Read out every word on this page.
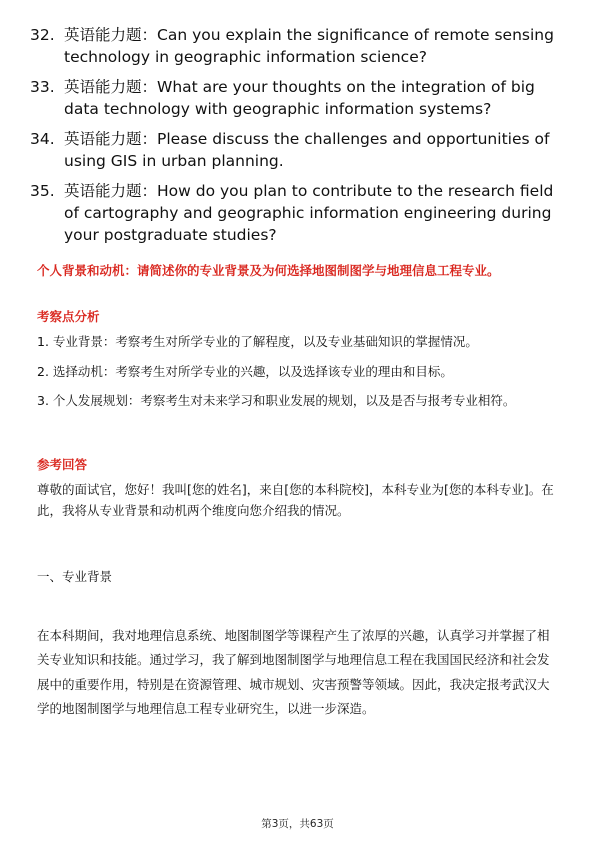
32. 英语能力题：Can you explain the significance of remote sensing technology in geographic information science?
33. 英语能力题：What are your thoughts on the integration of big data technology with geographic information systems?
34. 英语能力题：Please discuss the challenges and opportunities of using GIS in urban planning.
35. 英语能力题：How do you plan to contribute to the research field of cartography and geographic information engineering during your postgraduate studies?
个人背景和动机：请简述你的专业背景及为何选择地图制图学与地理信息工程专业。
考察点分析
1. 专业背景：考察考生对所学专业的了解程度，以及专业基础知识的掌握情况。
2. 选择动机：考察考生对所学专业的兴趣，以及选择该专业的理由和目标。
3. 个人发展规划：考察考生对未来学习和职业发展的规划，以及是否与报考专业相符。
参考回答
尊敬的面试官，您好！我叫[您的姓名]，来自[您的本科院校]，本科专业为[您的本科专业]。在此，我将从专业背景和动机两个维度向您介绍我的情况。
一、专业背景
在本科期间，我对地理信息系统、地图制图学等课程产生了浓厚的兴趣，认真学习并掌握了相关专业知识和技能。通过学习，我了解到地图制图学与地理信息工程在我国国民经济和社会发展中的重要作用，特别是在资源管理、城市规划、灾害预警等领域。因此，我决定报考武汉大学的地图制图学与地理信息工程专业研究生，以进一步深造。
第3页，共63页
